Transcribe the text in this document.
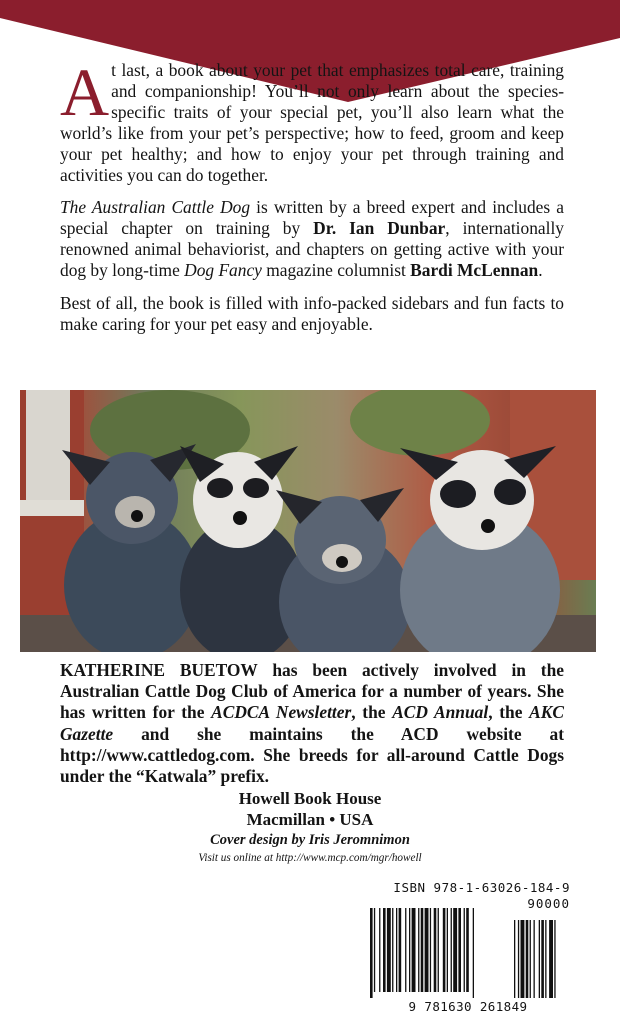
At last, a book about your pet that emphasizes total care, training and companionship! You’ll not only learn about the species-specific traits of your special pet, you’ll also learn what the world’s like from your pet’s perspective; how to feed, groom and keep your pet healthy; and how to enjoy your pet through training and activities you can do together.

The Australian Cattle Dog is written by a breed expert and includes a special chapter on training by Dr. Ian Dunbar, internationally renowned animal behaviorist, and chapters on getting active with your dog by long-time Dog Fancy magazine columnist Bardi McLennan.

Best of all, the book is filled with info-packed sidebars and fun facts to make caring for your pet easy and enjoyable.

KATHERINE BUETOW has been actively involved in the Australian Cattle Dog Club of America for a number of years. She has written for the ACDCA Newsletter, the ACD Annual, the AKC Gazette and she maintains the ACD website at http://www.cattledog.com. She breeds for all-around Cattle Dogs under the “Katwala” prefix.
Howell Book House
Macmillan • USA
Cover design by Iris Jeromnimon
Visit us online at http://www.mcp.com/mgr/howell
ISBN 978-1-63026-184-9
90000
9 781630 261849
